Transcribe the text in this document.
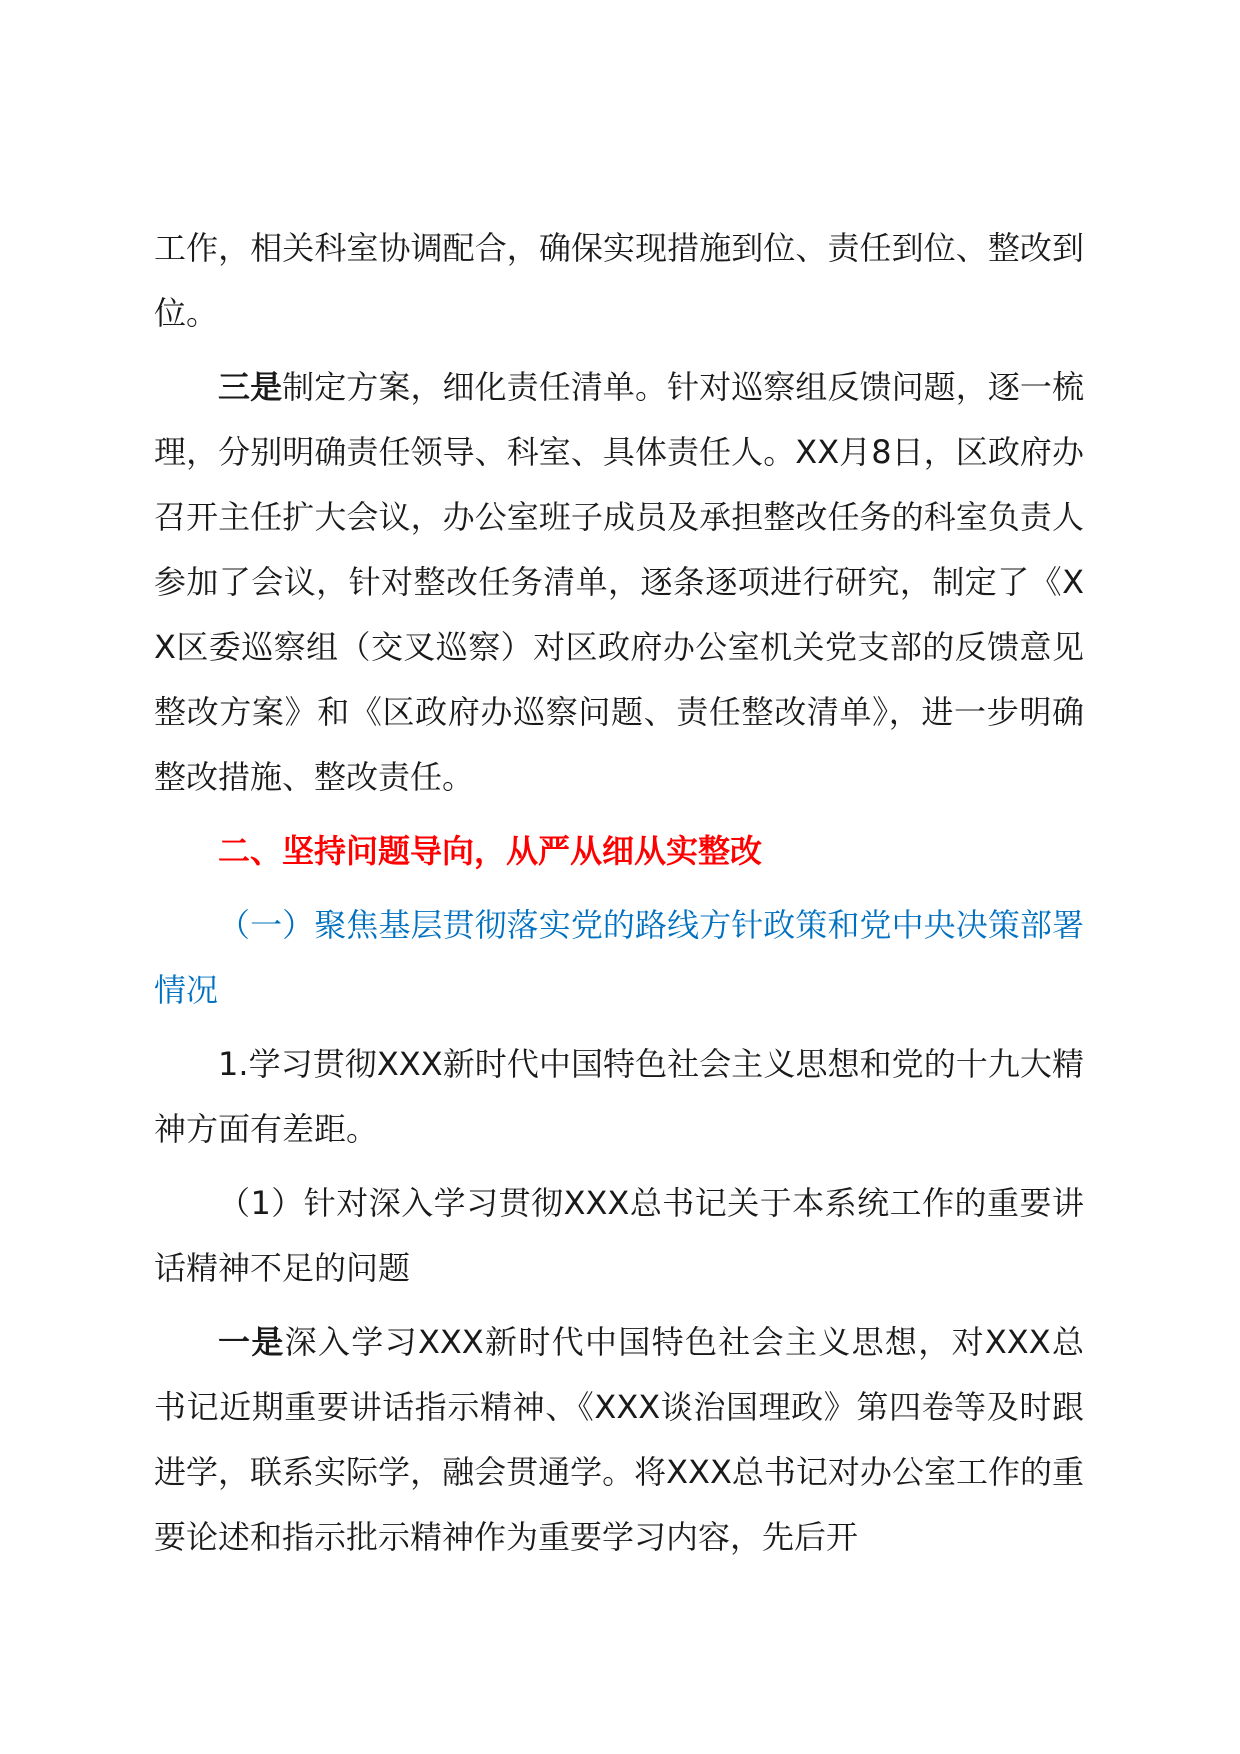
工作，相关科室协调配合，确保实现措施到位、责任到位、整改到位。

三是制定方案，细化责任清单。针对巡察组反馈问题，逐一梳理，分别明确责任领导、科室、具体责任人。XX月8日，区政府办召开主任扩大会议，办公室班子成员及承担整改任务的科室负责人参加了会议，针对整改任务清单，逐条逐项进行研究，制定了《XX区委巡察组（交叉巡察）对区政府办公室机关党支部的反馈意见整改方案》和《区政府办巡察问题、责任整改清单》，进一步明确整改措施、整改责任。

二、坚持问题导向，从严从细从实整改

（一）聚焦基层贯彻落实党的路线方针政策和党中央决策部署情况

1.学习贯彻XXX新时代中国特色社会主义思想和党的十九大精神方面有差距。

（1）针对深入学习贯彻XXX总书记关于本系统工作的重要讲话精神不足的问题

一是深入学习XXX新时代中国特色社会主义思想，对XXX总书记近期重要讲话指示精神、《XXX谈治国理政》第四卷等及时跟进学，联系实际学，融会贯通学。将XXX总书记对办公室工作的重要论述和指示批示精神作为重要学习内容，先后开
